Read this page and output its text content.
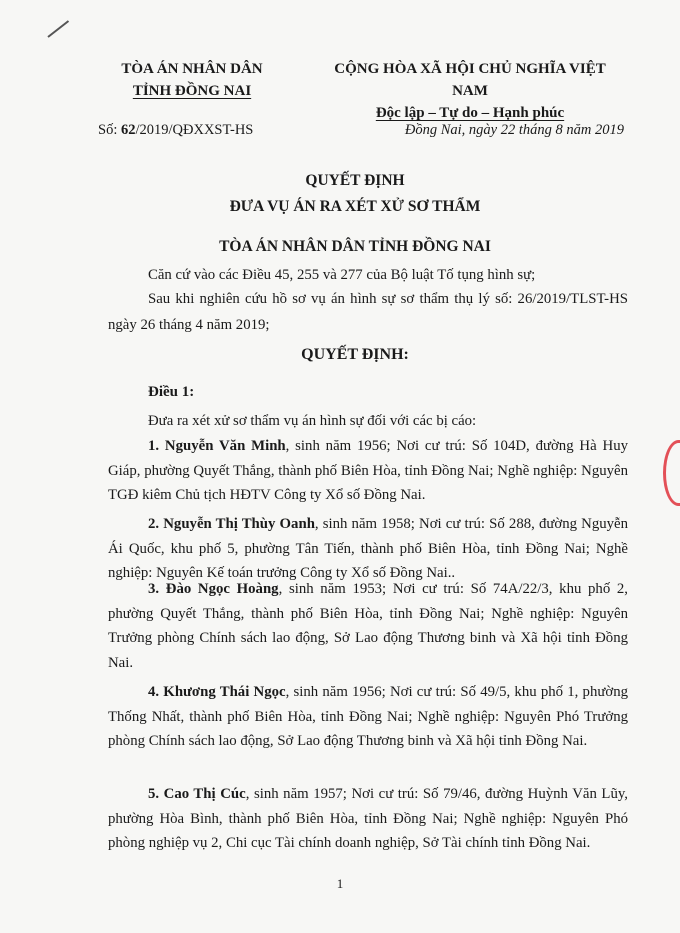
TÒA ÁN NHÂN DÂN
TỈNH ĐỒNG NAI
CỘNG HÒA XÃ HỘI CHỦ NGHĨA VIỆT NAM
Độc lập – Tự do – Hạnh phúc
Số: 62/2019/QĐXXST-HS	Đồng Nai, ngày 22 tháng 8 năm 2019
QUYẾT ĐỊNH
ĐƯA VỤ ÁN RA XÉT XỬ SƠ THẨM
TÒA ÁN NHÂN DÂN TỈNH ĐỒNG NAI
Căn cứ vào các Điều 45, 255 và 277 của Bộ luật Tố tụng hình sự;
Sau khi nghiên cứu hồ sơ vụ án hình sự sơ thẩm thụ lý số: 26/2019/TLST-HS ngày 26 tháng 4 năm 2019;
QUYẾT ĐỊNH:
Điều 1:
Đưa ra xét xử sơ thẩm vụ án hình sự đối với các bị cáo:
1. Nguyễn Văn Minh, sinh năm 1956; Nơi cư trú: Số 104D, đường Hà Huy Giáp, phường Quyết Thắng, thành phố Biên Hòa, tỉnh Đồng Nai; Nghề nghiệp: Nguyên TGĐ kiêm Chủ tịch HĐTV Công ty Xổ số Đồng Nai.
2. Nguyễn Thị Thùy Oanh, sinh năm 1958; Nơi cư trú: Số 288, đường Nguyễn Ái Quốc, khu phố 5, phường Tân Tiến, thành phố Biên Hòa, tỉnh Đồng Nai; Nghề nghiệp: Nguyên Kế toán trưởng Công ty Xổ số Đồng Nai..
3. Đào Ngọc Hoàng, sinh năm 1953; Nơi cư trú: Số 74A/22/3, khu phố 2, phường Quyết Thắng, thành phố Biên Hòa, tỉnh Đồng Nai; Nghề nghiệp: Nguyên Trưởng phòng Chính sách lao động, Sở Lao động Thương binh và Xã hội tỉnh Đồng Nai.
4. Khương Thái Ngọc, sinh năm 1956; Nơi cư trú: Số 49/5, khu phố 1, phường Thống Nhất, thành phố Biên Hòa, tỉnh Đồng Nai; Nghề nghiệp: Nguyên Phó Trưởng phòng Chính sách lao động, Sở Lao động Thương binh và Xã hội tỉnh Đồng Nai.
5. Cao Thị Cúc, sinh năm 1957; Nơi cư trú: Số 79/46, đường Huỳnh Văn Lũy, phường Hòa Bình, thành phố Biên Hòa, tỉnh Đồng Nai; Nghề nghiệp: Nguyên Phó phòng nghiệp vụ 2, Chi cục Tài chính doanh nghiệp, Sở Tài chính tỉnh Đồng Nai.
1
